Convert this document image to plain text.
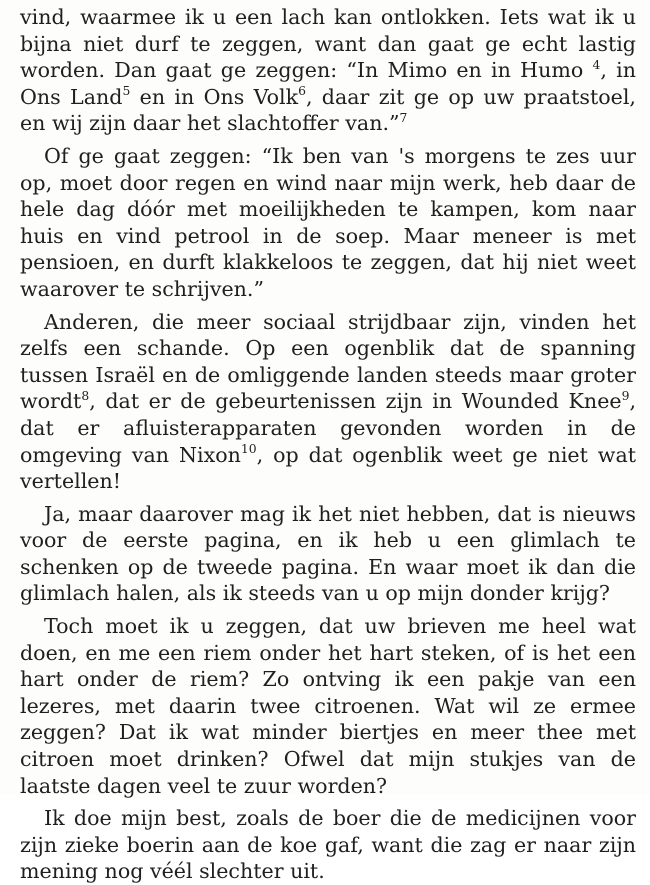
vind, waarmee ik u een lach kan ontlokken. Iets wat ik u bijna niet durf te zeggen, want dan gaat ge echt lastig worden. Dan gaat ge zeggen: “In Mimo en in Humo $^4$, in Ons Land$^5$ en in Ons Volk$^6$, daar zit ge op uw praatstoel, en wij zijn daar het slachtoffer van.”$^7$

Of ge gaat zeggen: “Ik ben van 's morgens te zes uur op, moet door regen en wind naar mijn werk, heb daar de hele dag dóór met moeilijkheden te kampen, kom naar huis en vind petrool in de soep. Maar meneer is met pensioen, en durft klakkeloos te zeggen, dat hij niet weet waarover te schrijven.”

Anderen, die meer sociaal strijdbaar zijn, vinden het zelfs een schande. Op een ogenblik dat de spanning tussen Israël en de omliggende landen steeds maar groter wordt$^8$, dat er de gebeurtenissen zijn in Wounded Knee$^9$, dat er afluisterapparaten gevonden worden in de omgeving van Nixon$^{10}$, op dat ogenblik weet ge niet wat vertellen!

Ja, maar daarover mag ik het niet hebben, dat is nieuws voor de eerste pagina, en ik heb u een glimlach te schenken op de tweede pagina. En waar moet ik dan die glimlach halen, als ik steeds van u op mijn donder krijg?

Toch moet ik u zeggen, dat uw brieven me heel wat doen, en me een riem onder het hart steken, of is het een hart onder de riem? Zo ontving ik een pakje van een lezeres, met daarin twee citroenen. Wat wil ze ermee zeggen? Dat ik wat minder biertjes en meer thee met citroen moet drinken? Ofwel dat mijn stukjes van de laatste dagen veel te zuur worden?

Ik doe mijn best, zoals de boer die de medicijnen voor zijn zieke boerin aan de koe gaf, want die zag er naar zijn mening nog véél slechter uit.
